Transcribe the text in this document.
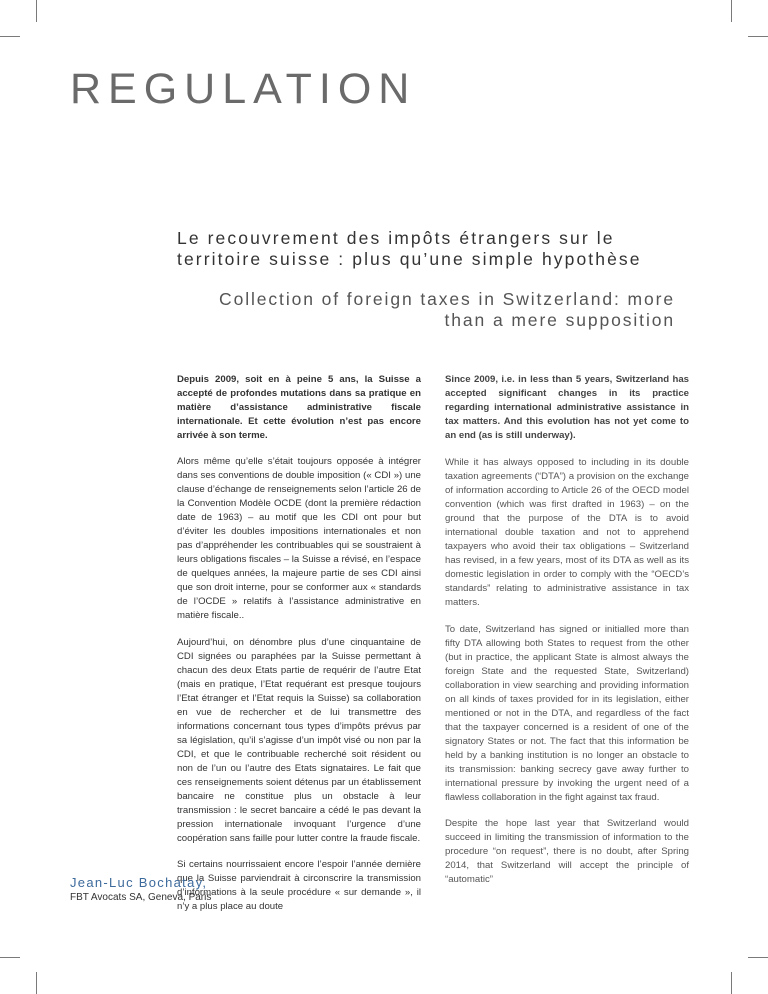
REGULATION
Le recouvrement des impôts étrangers sur le territoire suisse : plus qu’une simple hypothèse
Collection of foreign taxes in Switzerland: more than a mere supposition

Depuis 2009, soit en à peine 5 ans, la Suisse a accepté de profondes mutations dans sa pratique en matière d’assistance administrative fiscale internationale. Et cette évolution n’est pas encore arrivée à son terme.

Alors même qu’elle s’était toujours opposée à intégrer dans ses conventions de double imposition (« CDI ») une clause d’échange de renseignements selon l’article 26 de la Convention Modèle OCDE (dont la première rédaction date de 1963) – au motif que les CDI ont pour but d’éviter les doubles impositions internationales et non pas d’appréhender les contribuables qui se soustraient à leurs obligations fiscales – la Suisse a révisé, en l’espace de quelques années, la majeure partie de ses CDI ainsi que son droit interne, pour se conformer aux « standards de l’OCDE » relatifs à l’assistance administrative en matière fiscale..

Aujourd’hui, on dénombre plus d’une cinquantaine de CDI signées ou paraphées par la Suisse permettant à chacun des deux Etats partie de requérir de l’autre Etat (mais en pratique, l’Etat requérant est presque toujours l’Etat étranger et l’Etat requis la Suisse) sa collaboration en vue de rechercher et de lui transmettre des informations concernant tous types d’impôts prévus par sa législation, qu’il s’agisse d’un impôt visé ou non par la CDI, et que le contribuable recherché soit résident ou non de l’un ou l’autre des Etats signataires. Le fait que ces renseignements soient détenus par un établissement bancaire ne constitue plus un obstacle à leur transmission : le secret bancaire a cédé le pas devant la pression internationale invoquant l’urgence d’une coopération sans faille pour lutter contre la fraude fiscale.

Si certains nourrissaient encore l’espoir l’année dernière que la Suisse parviendrait à circonscrire la transmission d’informations à la seule procédure « sur demande », il n’y a plus place au doute

Since 2009, i.e. in less than 5 years, Switzerland has accepted significant changes in its practice regarding international administrative assistance in tax matters. And this evolution has not yet come to an end (as is still underway).

While it has always opposed to including in its double taxation agreements (“DTA”) a provision on the exchange of information according to Article 26 of the OECD model convention (which was first drafted in 1963) – on the ground that the purpose of the DTA is to avoid international double taxation and not to apprehend taxpayers who avoid their tax obligations – Switzerland has revised, in a few years, most of its DTA as well as its domestic legislation in order to comply with the “OECD’s standards” relating to administrative assistance in tax matters.

To date, Switzerland has signed or initialled more than fifty DTA allowing both States to request from the other (but in practice, the applicant State is almost always the foreign State and the requested State, Switzerland) collaboration in view searching and providing information on all kinds of taxes provided for in its legislation, either mentioned or not in the DTA, and regardless of the fact that the taxpayer concerned is a resident of one of the signatory States or not. The fact that this information be held by a banking institution is no longer an obstacle to its transmission: banking secrecy gave away further to international pressure by invoking the urgent need of a flawless collaboration in the fight against tax fraud.

Despite the hope last year that Switzerland would succeed in limiting the transmission of information to the procedure “on request”, there is no doubt, after Spring 2014, that Switzerland will accept the principle of “automatic”

Jean-Luc Bochatay,
FBT Avocats SA, Geneva, Paris
